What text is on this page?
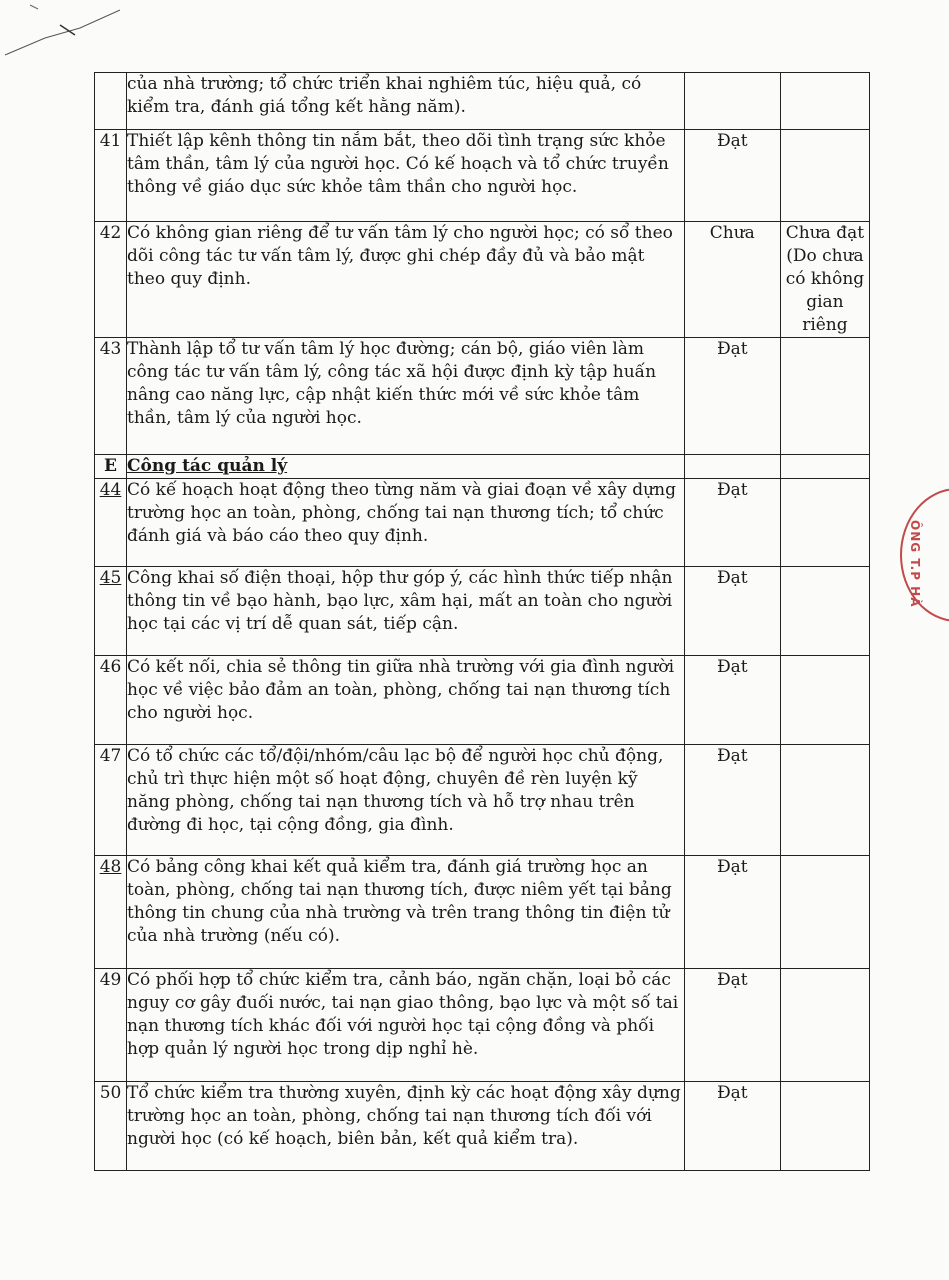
ÔNG T.P HÀ
	của nhà trường; tổ chức triển khai nghiêm túc, hiệu quả, có kiểm tra, đánh giá tổng kết hằng năm).		
41	Thiết lập kênh thông tin nắm bắt, theo dõi tình trạng sức khỏe tâm thần, tâm lý của người học. Có kế hoạch và tổ chức truyền thông về giáo dục sức khỏe tâm thần cho người học.	Đạt	
42	Có không gian riêng để tư vấn tâm lý cho người học; có sổ theo dõi công tác tư vấn tâm lý, được ghi chép đầy đủ và bảo mật theo quy định.	Chưa	Chưa đạt (Do chưa có không gian riêng
43	Thành lập tổ tư vấn tâm lý học đường; cán bộ, giáo viên làm công tác tư vấn tâm lý, công tác xã hội được định kỳ tập huấn nâng cao năng lực, cập nhật kiến thức mới về sức khỏe tâm thần, tâm lý của người học.	Đạt	
E	Công tác quản lý		
44	Có kế hoạch hoạt động theo từng năm và giai đoạn về xây dựng trường học an toàn, phòng, chống tai nạn thương tích; tổ chức đánh giá và báo cáo theo quy định.	Đạt	
45	Công khai số điện thoại, hộp thư góp ý, các hình thức tiếp nhận thông tin về bạo hành, bạo lực, xâm hại, mất an toàn cho người học tại các vị trí dễ quan sát, tiếp cận.	Đạt	
46	Có kết nối, chia sẻ thông tin giữa nhà trường với gia đình người học về việc bảo đảm an toàn, phòng, chống tai nạn thương tích cho người học.	Đạt	
47	Có tổ chức các tổ/đội/nhóm/câu lạc bộ để người học chủ động, chủ trì thực hiện một số hoạt động, chuyên đề rèn luyện kỹ năng phòng, chống tai nạn thương tích và hỗ trợ nhau trên đường đi học, tại cộng đồng, gia đình.	Đạt	
48	Có bảng công khai kết quả kiểm tra, đánh giá trường học an toàn, phòng, chống tai nạn thương tích, được niêm yết tại bảng thông tin chung của nhà trường và trên trang thông tin điện tử của nhà trường (nếu có).	Đạt	
49	Có phối hợp tổ chức kiểm tra, cảnh báo, ngăn chặn, loại bỏ các nguy cơ gây đuối nước, tai nạn giao thông, bạo lực và một số tai nạn thương tích khác đối với người học tại cộng đồng và phối hợp quản lý người học trong dịp nghỉ hè.	Đạt	
50	Tổ chức kiểm tra thường xuyên, định kỳ các hoạt động xây dựng trường học an toàn, phòng, chống tai nạn thương tích đối với người học (có kế hoạch, biên bản, kết quả kiểm tra).	Đạt	
